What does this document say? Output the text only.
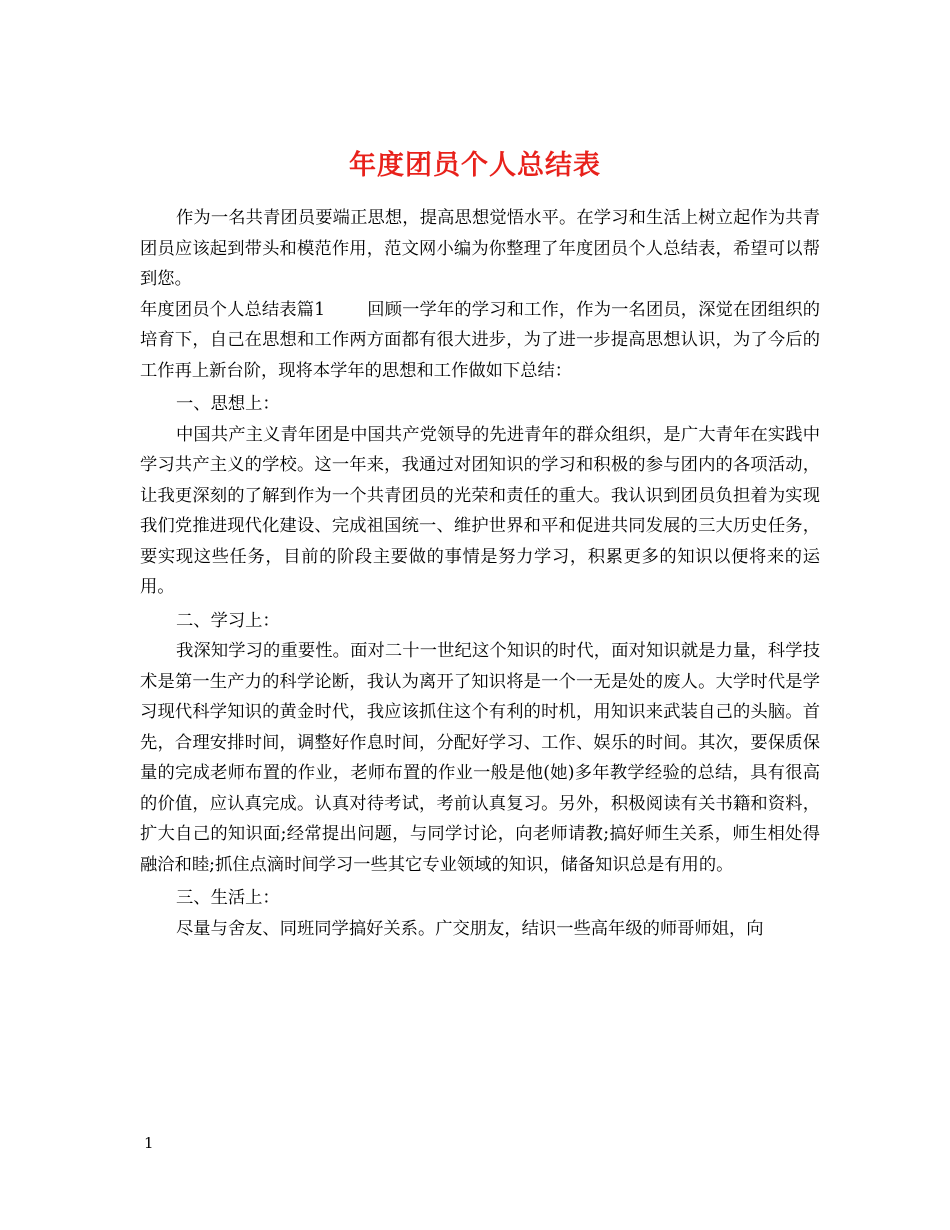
年度团员个人总结表

作为一名共青团员要端正思想，提高思想觉悟水平。在学习和生活上树立起作为共青团员应该起到带头和模范作用，范文网小编为你整理了年度团员个人总结表，希望可以帮到您。

年度团员个人总结表篇1 回顾一学年的学习和工作，作为一名团员，深觉在团组织的培育下，自己在思想和工作两方面都有很大进步，为了进一步提高思想认识，为了今后的工作再上新台阶，现将本学年的思想和工作做如下总结：

一、思想上：

中国共产主义青年团是中国共产党领导的先进青年的群众组织，是广大青年在实践中学习共产主义的学校。这一年来，我通过对团知识的学习和积极的参与团内的各项活动，让我更深刻的了解到作为一个共青团员的光荣和责任的重大。我认识到团员负担着为实现我们党推进现代化建设、完成祖国统一、维护世界和平和促进共同发展的三大历史任务，要实现这些任务，目前的阶段主要做的事情是努力学习，积累更多的知识以便将来的运用。

二、学习上：

我深知学习的重要性。面对二十一世纪这个知识的时代，面对知识就是力量，科学技术是第一生产力的科学论断，我认为离开了知识将是一个一无是处的废人。大学时代是学习现代科学知识的黄金时代，我应该抓住这个有利的时机，用知识来武装自己的头脑。首先，合理安排时间，调整好作息时间，分配好学习、工作、娱乐的时间。其次，要保质保量的完成老师布置的作业，老师布置的作业一般是他(她)多年教学经验的总结，具有很高的价值，应认真完成。认真对待考试，考前认真复习。另外，积极阅读有关书籍和资料，扩大自己的知识面;经常提出问题，与同学讨论，向老师请教;搞好师生关系，师生相处得融洽和睦;抓住点滴时间学习一些其它专业领域的知识，储备知识总是有用的。

三、生活上：

尽量与舍友、同班同学搞好关系。广交朋友，结识一些高年级的师哥师姐，向

1
